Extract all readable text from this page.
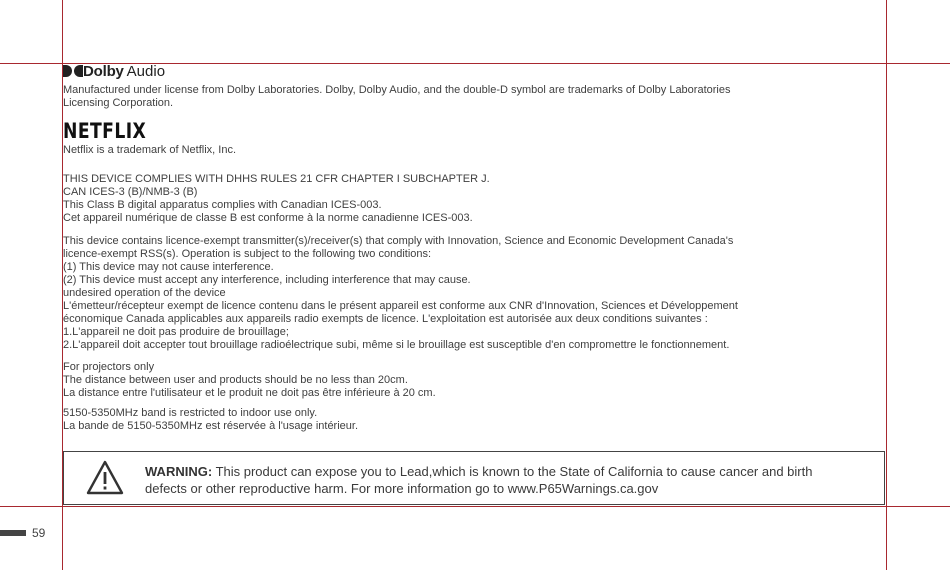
Dolby Audio
Manufactured under license from Dolby Laboratories. Dolby, Dolby Audio, and the double-D symbol are trademarks of Dolby Laboratories
Licensing Corporation.
NETFLIX
Netflix is a trademark of Netflix, Inc.
THIS DEVICE COMPLIES WITH DHHS RULES 21 CFR CHAPTER I SUBCHAPTER J.
CAN ICES-3 (B)/NMB-3 (B)
This Class B digital apparatus complies with Canadian ICES-003.
Cet appareil numérique de classe B est conforme à la norme canadienne ICES-003.
This device contains licence-exempt transmitter(s)/receiver(s) that comply with Innovation, Science and Economic Development Canada's
licence-exempt RSS(s). Operation is subject to the following two conditions:
(1) This device may not cause interference.
(2) This device must accept any interference, including interference that may cause.
undesired operation of the device
L'émetteur/récepteur exempt de licence contenu dans le présent appareil est conforme aux CNR d'Innovation, Sciences et Développement
économique Canada applicables aux appareils radio exempts de licence. L'exploitation est autorisée aux deux conditions suivantes :
1.L'appareil ne doit pas produire de brouillage;
2.L'appareil doit accepter tout brouillage radioélectrique subi, même si le brouillage est susceptible d'en compromettre le fonctionnement.
For projectors only
The distance between user and products should be no less than 20cm.
La distance entre l'utilisateur et le produit ne doit pas être inférieure à 20 cm.
5150-5350MHz band is restricted to indoor use only.
La bande de 5150-5350MHz est réservée à l'usage intérieur.
WARNING: This product can expose you to Lead,which is known to the State of California to cause cancer and birth
defects or other reproductive harm. For more information go to www.P65Warnings.ca.gov
59
